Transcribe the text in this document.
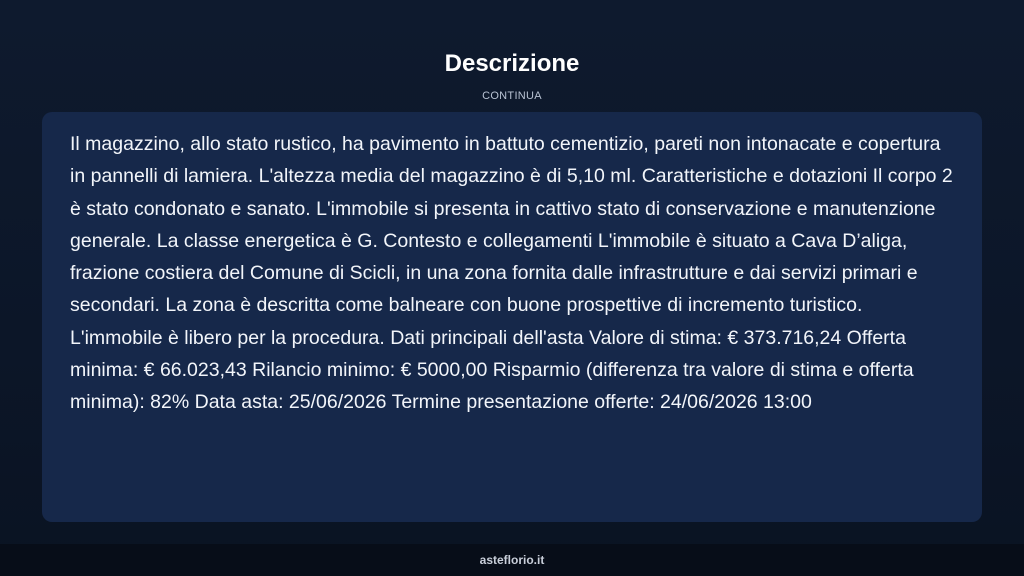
Descrizione
CONTINUA

Il magazzino, allo stato rustico, ha pavimento in battuto cementizio, pareti non intonacate e copertura in pannelli di lamiera. L'altezza media del magazzino è di 5,10 ml. Caratteristiche e dotazioni Il corpo 2 è stato condonato e sanato. L'immobile si presenta in cattivo stato di conservazione e manutenzione generale. La classe energetica è G. Contesto e collegamenti L'immobile è situato a Cava D’aliga, frazione costiera del Comune di Scicli, in una zona fornita dalle infrastrutture e dai servizi primari e secondari. La zona è descritta come balneare con buone prospettive di incremento turistico. L'immobile è libero per la procedura. Dati principali dell'asta Valore di stima: € 373.716,24 Offerta minima: € 66.023,43 Rilancio minimo: € 5000,00 Risparmio (differenza tra valore di stima e offerta minima): 82% Data asta: 25/06/2026 Termine presentazione offerte: 24/06/2026 13:00

asteflorio.it
